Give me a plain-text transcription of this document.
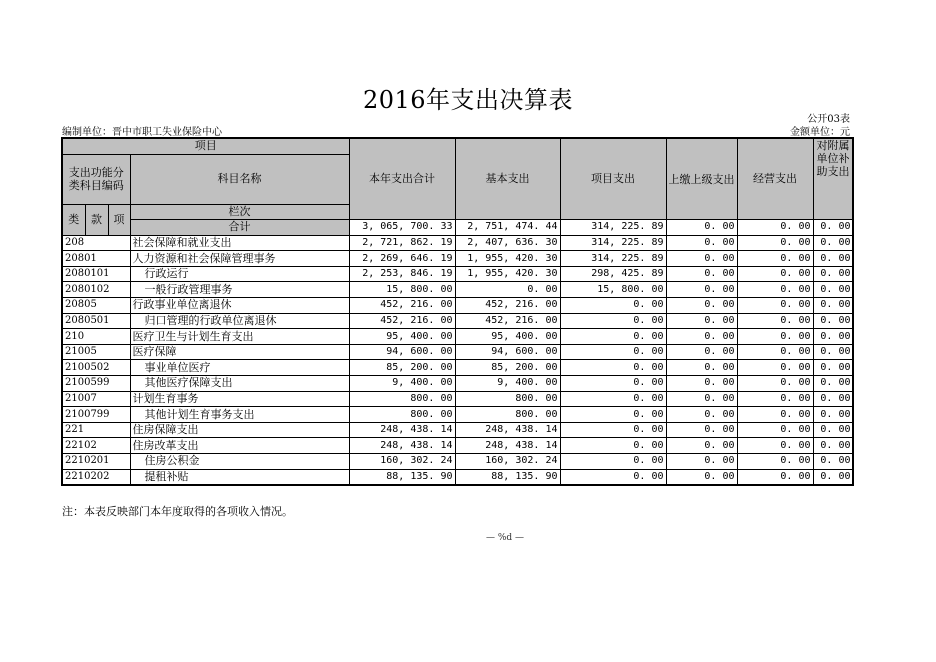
2016年支出决算表
公开03表
编制单位：晋中市职工失业保险中心	金额单位：元
项目				本年支出合计	基本支出	项目支出	上缴上级支出	经营支出	对附属单位补助支出	
支出功能分类科目编码			科目名称							
类	款	项	栏次						
			合计	3, 065, 700. 33	2, 751, 474. 44	314, 225. 89	0. 00	0. 00	0. 00	
208			社会保障和就业支出	2, 721, 862. 19	2, 407, 636. 30	314, 225. 89	0. 00	0. 00	0. 00	
20801			人力资源和社会保障管理事务	2, 269, 646. 19	1, 955, 420. 30	314, 225. 89	0. 00	0. 00	0. 00	
2080101			行政运行	2, 253, 846. 19	1, 955, 420. 30	298, 425. 89	0. 00	0. 00	0. 00	
2080102			一般行政管理事务	15, 800. 00	0. 00	15, 800. 00	0. 00	0. 00	0. 00	
20805			行政事业单位离退休	452, 216. 00	452, 216. 00	0. 00	0. 00	0. 00	0. 00	
2080501			归口管理的行政单位离退休	452, 216. 00	452, 216. 00	0. 00	0. 00	0. 00	0. 00	
210			医疗卫生与计划生育支出	95, 400. 00	95, 400. 00	0. 00	0. 00	0. 00	0. 00	
21005			医疗保障	94, 600. 00	94, 600. 00	0. 00	0. 00	0. 00	0. 00	
2100502			事业单位医疗	85, 200. 00	85, 200. 00	0. 00	0. 00	0. 00	0. 00	
2100599			其他医疗保障支出	9, 400. 00	9, 400. 00	0. 00	0. 00	0. 00	0. 00	
21007			计划生育事务	800. 00	800. 00	0. 00	0. 00	0. 00	0. 00	
2100799			其他计划生育事务支出	800. 00	800. 00	0. 00	0. 00	0. 00	0. 00	
221			住房保障支出	248, 438. 14	248, 438. 14	0. 00	0. 00	0. 00	0. 00	
22102			住房改革支出	248, 438. 14	248, 438. 14	0. 00	0. 00	0. 00	0. 00	
2210201			住房公积金	160, 302. 24	160, 302. 24	0. 00	0. 00	0. 00	0. 00	
2210202			提租补贴	88, 135. 90	88, 135. 90	0. 00	0. 00	0. 00	0. 00	
注：本表反映部门本年度取得的各项收入情况。
— %d —
